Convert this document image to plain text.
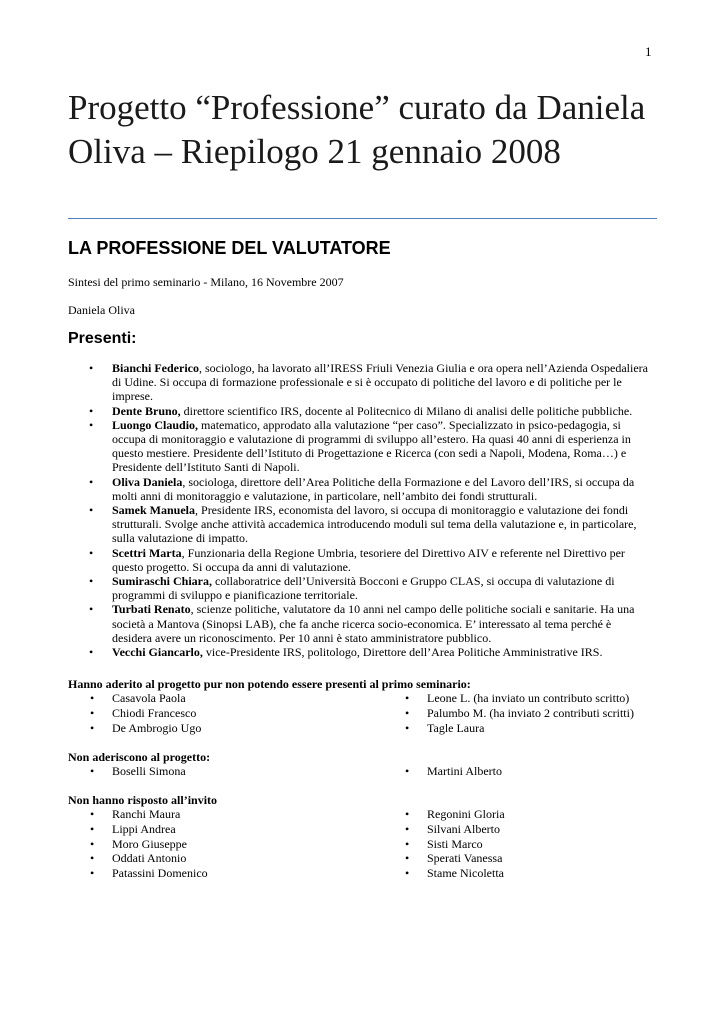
1
Progetto “Professione” curato da Daniela Oliva – Riepilogo 21 gennaio 2008
LA PROFESSIONE DEL VALUTATORE
Sintesi del primo seminario - Milano, 16 Novembre 2007
Daniela Oliva
Presenti:
• Bianchi Federico, sociologo, ha lavorato all’IRESS Friuli Venezia Giulia e ora opera nell’Azienda Ospedaliera di Udine. Si occupa di formazione professionale e si è occupato di politiche del lavoro e di politiche per le imprese.
• Dente Bruno, direttore scientifico IRS, docente al Politecnico di Milano di analisi delle politiche pubbliche.
• Luongo Claudio, matematico, approdato alla valutazione “per caso”. Specializzato in psico-pedagogia, si occupa di monitoraggio e valutazione di programmi di sviluppo all’estero. Ha quasi 40 anni di esperienza in questo mestiere. Presidente dell’Istituto di Progettazione e Ricerca (con sedi a Napoli, Modena, Roma…) e Presidente dell’Istituto Santi di Napoli.
• Oliva Daniela, sociologa, direttore dell’Area Politiche della Formazione e del Lavoro dell’IRS, si occupa da molti anni di monitoraggio e valutazione, in particolare, nell’ambito dei fondi strutturali.
• Samek Manuela, Presidente IRS, economista del lavoro, si occupa di monitoraggio e valutazione dei fondi strutturali. Svolge anche attività accademica introducendo moduli sul tema della valutazione e, in particolare, sulla valutazione di impatto.
• Scettri Marta, Funzionaria della Regione Umbria, tesoriere del Direttivo AIV e referente nel Direttivo per questo progetto. Si occupa da anni di valutazione.
• Sumiraschi Chiara, collaboratrice dell’Università Bocconi e Gruppo CLAS, si occupa di valutazione di programmi di sviluppo e pianificazione territoriale.
• Turbati Renato, scienze politiche, valutatore da 10 anni nel campo delle politiche sociali e sanitarie. Ha una società a Mantova (Sinopsi LAB), che fa anche ricerca socio-economica. E’ interessato al tema perché è desidera avere un riconoscimento. Per 10 anni è stato amministratore pubblico.
• Vecchi Giancarlo, vice-Presidente IRS, politologo, Direttore dell’Area Politiche Amministrative IRS.
Hanno aderito al progetto pur non potendo essere presenti al primo seminario:
• Casavola Paola
• Chiodi Francesco
• De Ambrogio Ugo
• Leone L. (ha inviato un contributo scritto)
• Palumbo M. (ha inviato 2 contributi scritti)
• Tagle Laura
Non aderiscono al progetto:
• Boselli Simona
•	Martini Alberto
Non hanno risposto all’invito
• Ranchi Maura
• Lippi Andrea
• Moro Giuseppe
• Oddati Antonio
• Patassini Domenico
• Regonini Gloria
• Silvani Alberto
• Sisti Marco
• Sperati Vanessa
• Stame Nicoletta
